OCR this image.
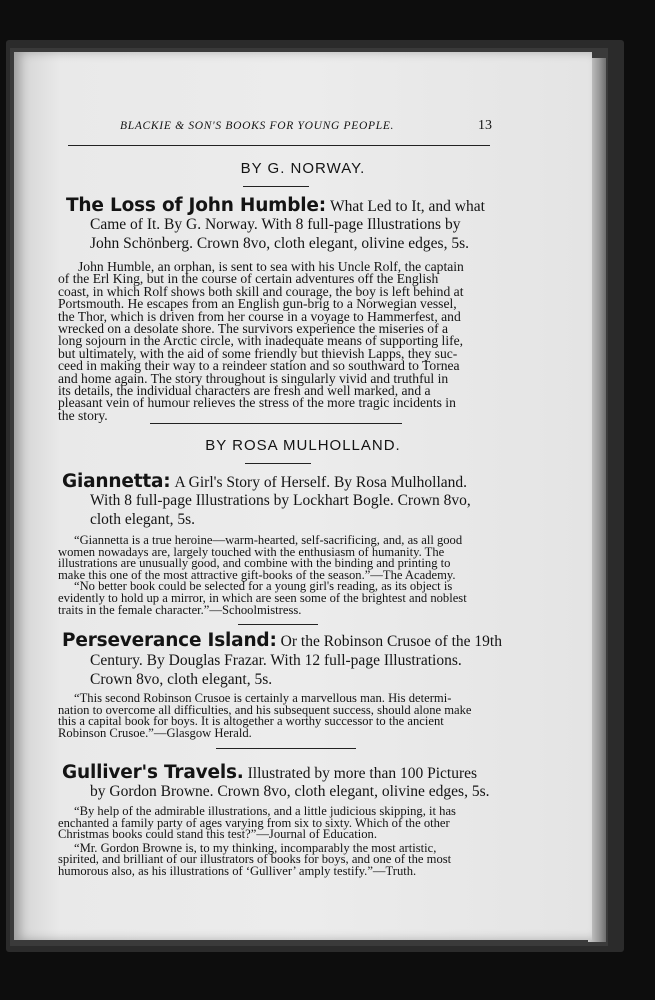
BLACKIE & SON'S BOOKS FOR YOUNG PEOPLE.	13
BY G. NORWAY.
The Loss of John Humble: What Led to It, and what
Came of It. By G. Norway. With 8 full-page Illustrations by
John Schönberg. Crown 8vo, cloth elegant, olivine edges, 5s.
John Humble, an orphan, is sent to sea with his Uncle Rolf, the captain
of the Erl King, but in the course of certain adventures off the English
coast, in which Rolf shows both skill and courage, the boy is left behind at
Portsmouth. He escapes from an English gun-brig to a Norwegian vessel,
the Thor, which is driven from her course in a voyage to Hammerfest, and
wrecked on a desolate shore. The survivors experience the miseries of a
long sojourn in the Arctic circle, with inadequate means of supporting life,
but ultimately, with the aid of some friendly but thievish Lapps, they suc-
ceed in making their way to a reindeer station and so southward to Tornea
and home again. The story throughout is singularly vivid and truthful in
its details, the individual characters are fresh and well marked, and a
pleasant vein of humour relieves the stress of the more tragic incidents in
the story.
BY ROSA MULHOLLAND.
Giannetta: A Girl's Story of Herself. By Rosa Mulholland.
With 8 full-page Illustrations by Lockhart Bogle. Crown 8vo,
cloth elegant, 5s.
“Giannetta is a true heroine—warm-hearted, self-sacrificing, and, as all good
women nowadays are, largely touched with the enthusiasm of humanity. The
illustrations are unusually good, and combine with the binding and printing to
make this one of the most attractive gift-books of the season.”—The Academy.
“No better book could be selected for a young girl's reading, as its object is
evidently to hold up a mirror, in which are seen some of the brightest and noblest
traits in the female character.”—Schoolmistress.
Perseverance Island: Or the Robinson Crusoe of the 19th
Century. By Douglas Frazar. With 12 full-page Illustrations.
Crown 8vo, cloth elegant, 5s.
“This second Robinson Crusoe is certainly a marvellous man. His determi-
nation to overcome all difficulties, and his subsequent success, should alone make
this a capital book for boys. It is altogether a worthy successor to the ancient
Robinson Crusoe.”—Glasgow Herald.
Gulliver's Travels. Illustrated by more than 100 Pictures
by Gordon Browne. Crown 8vo, cloth elegant, olivine edges, 5s.
“By help of the admirable illustrations, and a little judicious skipping, it has
enchanted a family party of ages varying from six to sixty. Which of the other
Christmas books could stand this test?”—Journal of Education.
“Mr. Gordon Browne is, to my thinking, incomparably the most artistic,
spirited, and brilliant of our illustrators of books for boys, and one of the most
humorous also, as his illustrations of ‘Gulliver’ amply testify.”—Truth.
